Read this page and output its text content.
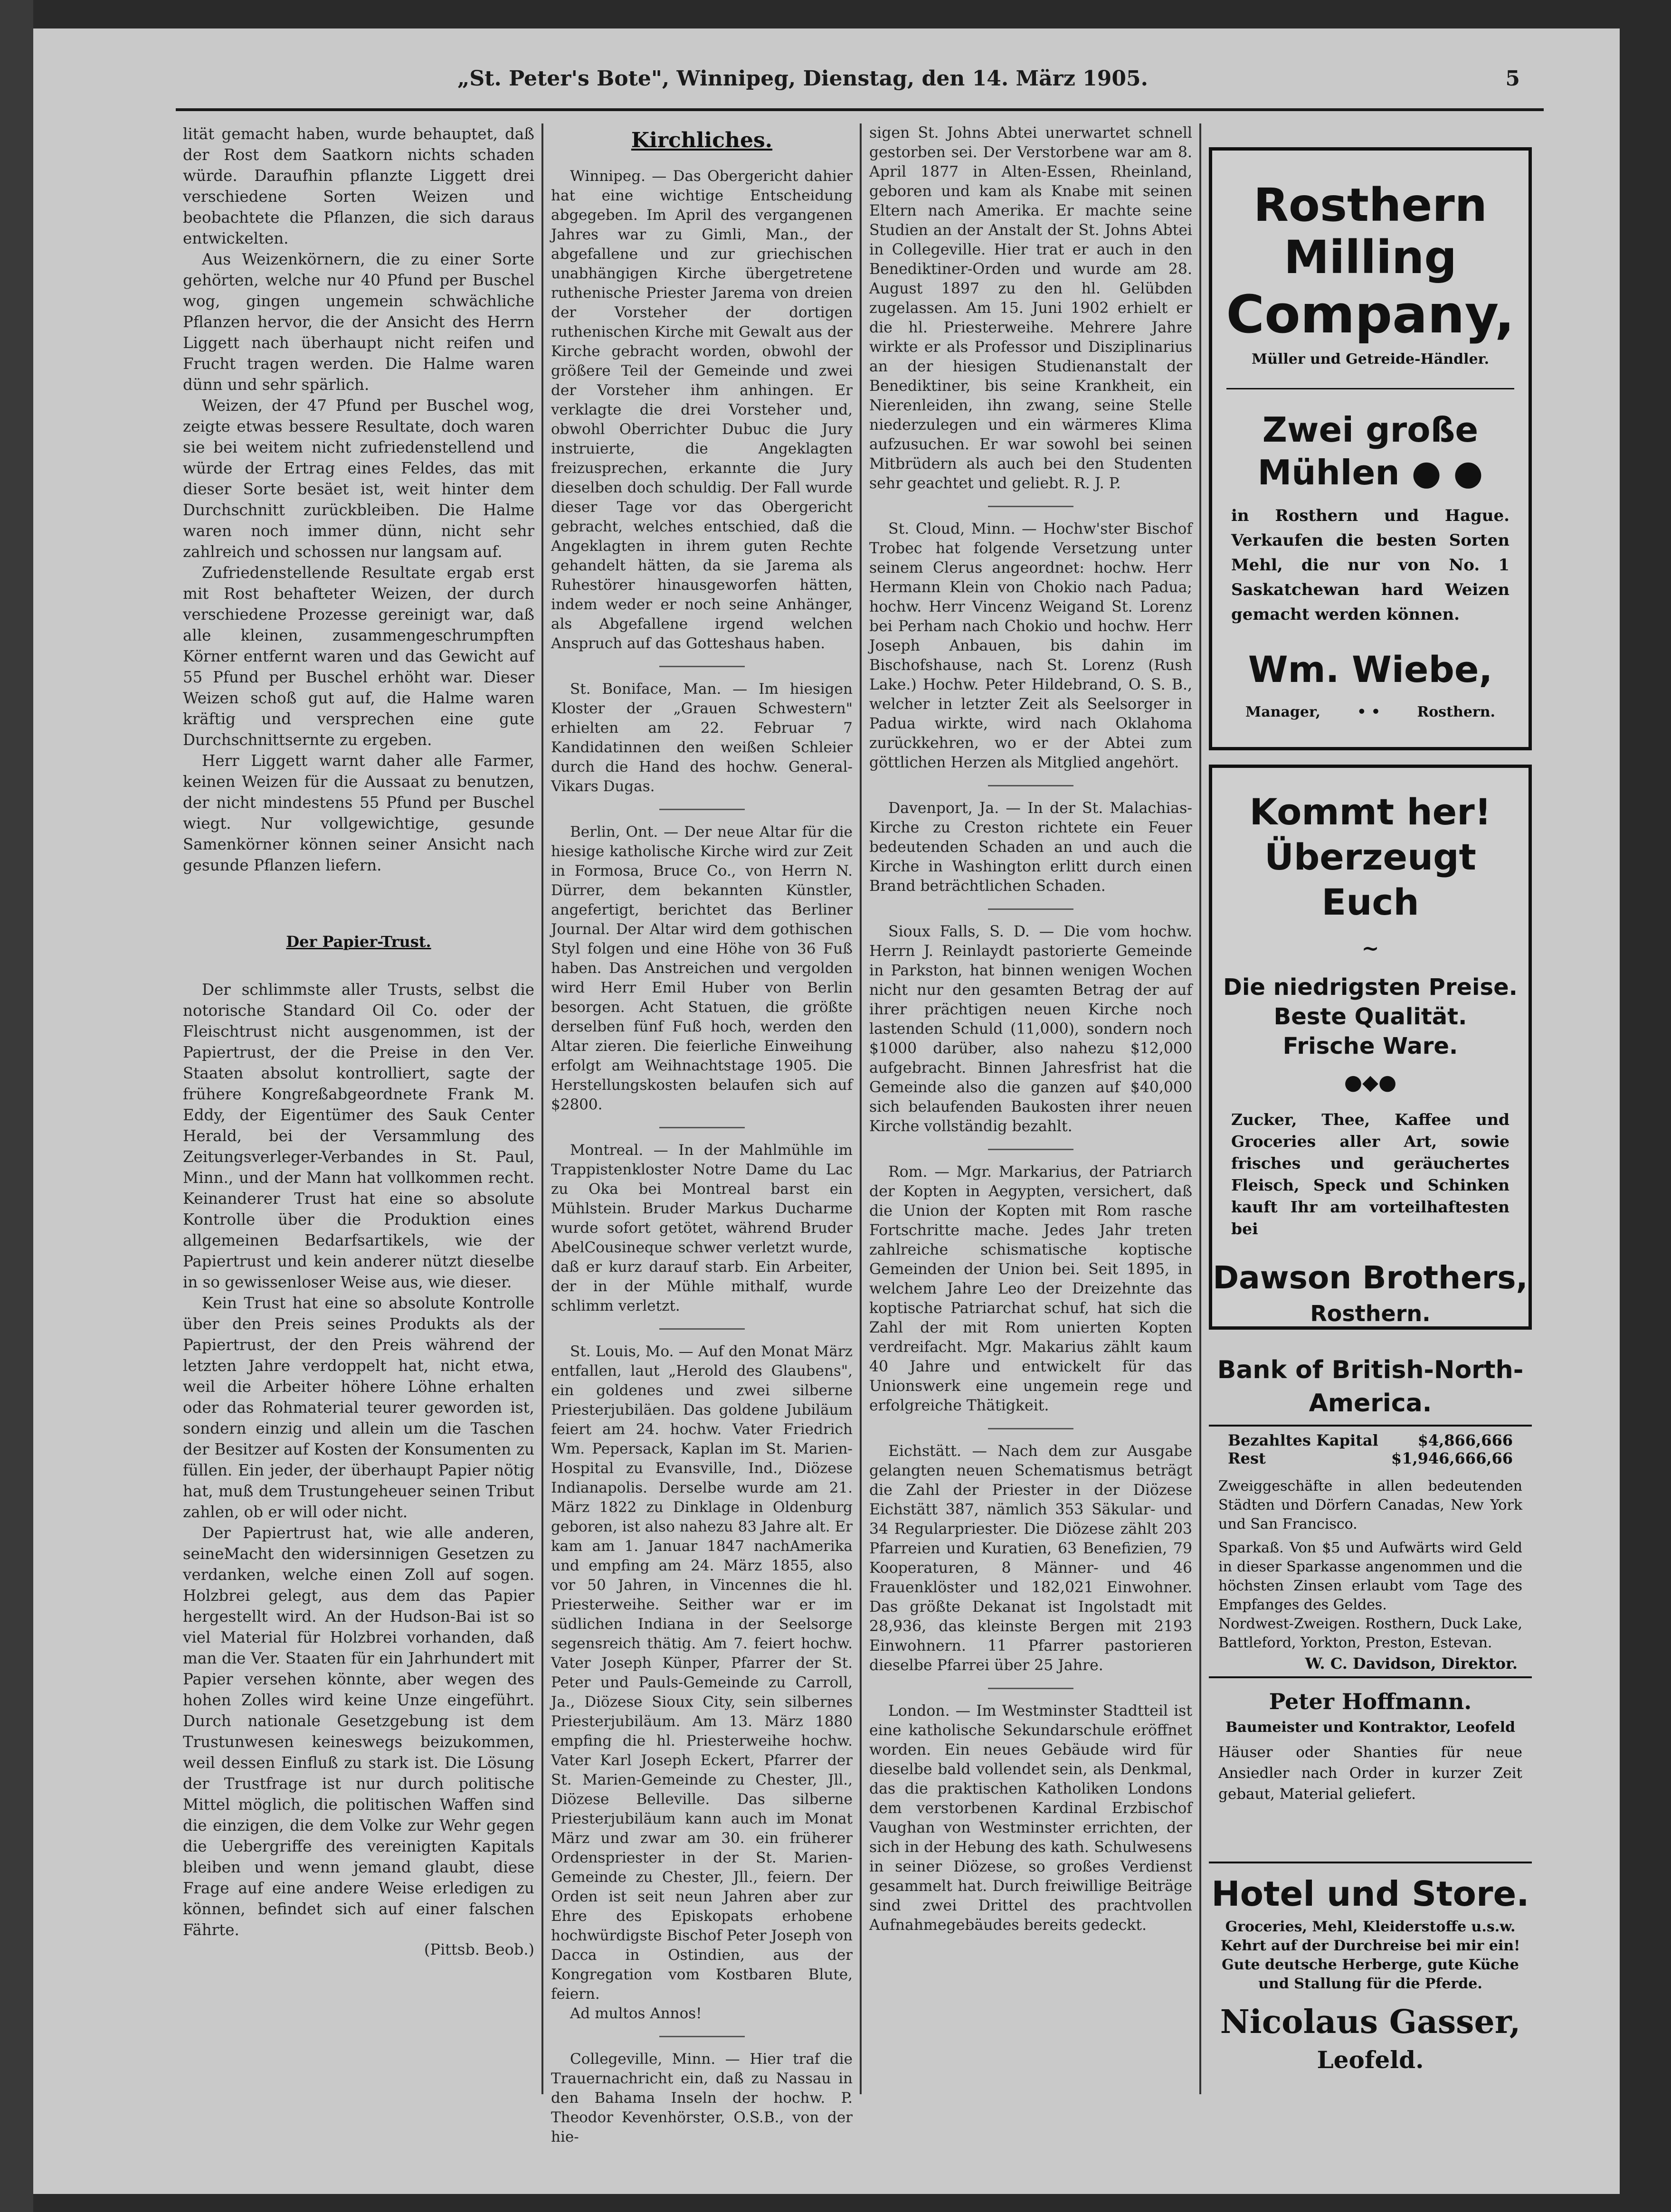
„St. Peter's Bote", Winnipeg, Dienstag, den 14. März 1905.	5

lität gemacht haben, wurde behauptet, daß der Rost dem Saatkorn nichts schaden würde. Daraufhin pflanzte Liggett drei verschiedene Sorten Weizen und beobachtete die Pflanzen, die sich daraus entwickelten.

Aus Weizenkörnern, die zu einer Sorte gehörten, welche nur 40 Pfund per Buschel wog, gingen ungemein schwächliche Pflanzen hervor, die der Ansicht des Herrn Liggett nach überhaupt nicht reifen und Frucht tragen werden. Die Halme waren dünn und sehr spärlich.

Weizen, der 47 Pfund per Buschel wog, zeigte etwas bessere Resultate, doch waren sie bei weitem nicht zufriedenstellend und würde der Ertrag eines Feldes, das mit dieser Sorte besäet ist, weit hinter dem Durchschnitt zurückbleiben. Die Halme waren noch immer dünn, nicht sehr zahlreich und schossen nur langsam auf.

Zufriedenstellende Resultate ergab erst mit Rost behafteter Weizen, der durch verschiedene Prozesse gereinigt war, daß alle kleinen, zusammengeschrumpften Körner entfernt waren und das Gewicht auf 55 Pfund per Buschel erhöht war. Dieser Weizen schoß gut auf, die Halme waren kräftig und versprechen eine gute Durchschnittsernte zu ergeben.

Herr Liggett warnt daher alle Farmer, keinen Weizen für die Aussaat zu benutzen, der nicht mindestens 55 Pfund per Buschel wiegt. Nur vollgewichtige, gesunde Samenkörner können seiner Ansicht nach gesunde Pflanzen liefern.

Der Papier-Trust.

Der schlimmste aller Trusts, selbst die notorische Standard Oil Co. oder der Fleischtrust nicht ausgenommen, ist der Papiertrust, der die Preise in den Ver. Staaten absolut kontrolliert, sagte der frühere Kongreßabgeordnete Frank M. Eddy, der Eigentümer des Sauk Center Herald, bei der Versammlung des Zeitungsverleger-Verbandes in St. Paul, Minn., und der Mann hat vollkommen recht. Keinanderer Trust hat eine so absolute Kontrolle über die Produktion eines allgemeinen Bedarfsartikels, wie der Papiertrust und kein anderer nützt dieselbe in so gewissenloser Weise aus, wie dieser.

Kein Trust hat eine so absolute Kontrolle über den Preis seines Produkts als der Papiertrust, der den Preis während der letzten Jahre verdoppelt hat, nicht etwa, weil die Arbeiter höhere Löhne erhalten oder das Rohmaterial teurer geworden ist, sondern einzig und allein um die Taschen der Besitzer auf Kosten der Konsumenten zu füllen. Ein jeder, der überhaupt Papier nötig hat, muß dem Trustungeheuer seinen Tribut zahlen, ob er will oder nicht.

Der Papiertrust hat, wie alle anderen, seineMacht den widersinnigen Gesetzen zu verdanken, welche einen Zoll auf sogen. Holzbrei gelegt, aus dem das Papier hergestellt wird. An der Hudson-Bai ist so viel Material für Holzbrei vorhanden, daß man die Ver. Staaten für ein Jahrhundert mit Papier versehen könnte, aber wegen des hohen Zolles wird keine Unze eingeführt. Durch nationale Gesetzgebung ist dem Trustunwesen keineswegs beizukommen, weil dessen Einfluß zu stark ist. Die Lösung der Trustfrage ist nur durch politische Mittel möglich, die politischen Waffen sind die einzigen, die dem Volke zur Wehr gegen die Uebergriffe des vereinigten Kapitals bleiben und wenn jemand glaubt, diese Frage auf eine andere Weise erledigen zu können, befindet sich auf einer falschen Fährte.

(Pittsb. Beob.)
Kirchliches.

Winnipeg. — Das Obergericht dahier hat eine wichtige Entscheidung abgegeben. Im April des vergangenen Jahres war zu Gimli, Man., der abgefallene und zur griechischen unabhängigen Kirche übergetretene ruthenische Priester Jarema von dreien der Vorsteher der dortigen ruthenischen Kirche mit Gewalt aus der Kirche gebracht worden, obwohl der größere Teil der Gemeinde und zwei der Vorsteher ihm anhingen. Er verklagte die drei Vorsteher und, obwohl Oberrichter Dubuc die Jury instruierte, die Angeklagten freizusprechen, erkannte die Jury dieselben doch schuldig. Der Fall wurde dieser Tage vor das Obergericht gebracht, welches entschied, daß die Angeklagten in ihrem guten Rechte gehandelt hätten, da sie Jarema als Ruhestörer hinausgeworfen hätten, indem weder er noch seine Anhänger, als Abgefallene irgend welchen Anspruch auf das Gotteshaus haben.

St. Boniface, Man. — Im hiesigen Kloster der „Grauen Schwestern" erhielten am 22. Februar 7 Kandidatinnen den weißen Schleier durch die Hand des hochw. General-Vikars Dugas.

Berlin, Ont. — Der neue Altar für die hiesige katholische Kirche wird zur Zeit in Formosa, Bruce Co., von Herrn N. Dürrer, dem bekannten Künstler, angefertigt, berichtet das Berliner Journal. Der Altar wird dem gothischen Styl folgen und eine Höhe von 36 Fuß haben. Das Anstreichen und vergolden wird Herr Emil Huber von Berlin besorgen. Acht Statuen, die größte derselben fünf Fuß hoch, werden den Altar zieren. Die feierliche Einweihung erfolgt am Weihnachtstage 1905. Die Herstellungskosten belaufen sich auf $2800.

Montreal. — In der Mahlmühle im Trappistenkloster Notre Dame du Lac zu Oka bei Montreal barst ein Mühlstein. Bruder Markus Ducharme wurde sofort getötet, während Bruder AbelCousineque schwer verletzt wurde, daß er kurz darauf starb. Ein Arbeiter, der in der Mühle mithalf, wurde schlimm verletzt.

St. Louis, Mo. — Auf den Monat März entfallen, laut „Herold des Glaubens", ein goldenes und zwei silberne Priesterjubiläen. Das goldene Jubiläum feiert am 24. hochw. Vater Friedrich Wm. Pepersack, Kaplan im St. Marien-Hospital zu Evansville, Ind., Diözese Indianapolis. Derselbe wurde am 21. März 1822 zu Dinklage in Oldenburg geboren, ist also nahezu 83 Jahre alt. Er kam am 1. Januar 1847 nachAmerika und empfing am 24. März 1855, also vor 50 Jahren, in Vincennes die hl. Priesterweihe. Seither war er im südlichen Indiana in der Seelsorge segensreich thätig. Am 7. feiert hochw. Vater Joseph Künper, Pfarrer der St. Peter und Pauls-Gemeinde zu Carroll, Ja., Diözese Sioux City, sein silbernes Priesterjubiläum. Am 13. März 1880 empfing die hl. Priesterweihe hochw. Vater Karl Joseph Eckert, Pfarrer der St. Marien-Gemeinde zu Chester, Jll., Diözese Belleville. Das silberne Priesterjubiläum kann auch im Monat März und zwar am 30. ein früherer Ordenspriester in der St. Marien-Gemeinde zu Chester, Jll., feiern. Der Orden ist seit neun Jahren aber zur Ehre des Episkopats erhobene hochwürdigste Bischof Peter Joseph von Dacca in Ostindien, aus der Kongregation vom Kostbaren Blute, feiern.

Ad multos Annos!

Collegeville, Minn. — Hier traf die Trauernachricht ein, daß zu Nassau in den Bahama Inseln der hochw. P. Theodor Kevenhörster, O.S.B., von der hie-

sigen St. Johns Abtei unerwartet schnell gestorben sei. Der Verstorbene war am 8. April 1877 in Alten-Essen, Rheinland, geboren und kam als Knabe mit seinen Eltern nach Amerika. Er machte seine Studien an der Anstalt der St. Johns Abtei in Collegeville. Hier trat er auch in den Benediktiner-Orden und wurde am 28. August 1897 zu den hl. Gelübden zugelassen. Am 15. Juni 1902 erhielt er die hl. Priesterweihe. Mehrere Jahre wirkte er als Professor und Disziplinarius an der hiesigen Studienanstalt der Benediktiner, bis seine Krankheit, ein Nierenleiden, ihn zwang, seine Stelle niederzulegen und ein wärmeres Klima aufzusuchen. Er war sowohl bei seinen Mitbrüdern als auch bei den Studenten sehr geachtet und geliebt. R. J. P.

St. Cloud, Minn. — Hochw'ster Bischof Trobec hat folgende Versetzung unter seinem Clerus angeordnet: hochw. Herr Hermann Klein von Chokio nach Padua; hochw. Herr Vincenz Weigand St. Lorenz bei Perham nach Chokio und hochw. Herr Joseph Anbauen, bis dahin im Bischofshause, nach St. Lorenz (Rush Lake.) Hochw. Peter Hildebrand, O. S. B., welcher in letzter Zeit als Seelsorger in Padua wirkte, wird nach Oklahoma zurückkehren, wo er der Abtei zum göttlichen Herzen als Mitglied angehört.

Davenport, Ja. — In der St. Malachias-Kirche zu Creston richtete ein Feuer bedeutenden Schaden an und auch die Kirche in Washington erlitt durch einen Brand beträchtlichen Schaden.

Sioux Falls, S. D. — Die vom hochw. Herrn J. Reinlaydt pastorierte Gemeinde in Parkston, hat binnen wenigen Wochen nicht nur den gesamten Betrag der auf ihrer prächtigen neuen Kirche noch lastenden Schuld (11,000), sondern noch $1000 darüber, also nahezu $12,000 aufgebracht. Binnen Jahresfrist hat die Gemeinde also die ganzen auf $40,000 sich belaufenden Baukosten ihrer neuen Kirche vollständig bezahlt.

Rom. — Mgr. Markarius, der Patriarch der Kopten in Aegypten, versichert, daß die Union der Kopten mit Rom rasche Fortschritte mache. Jedes Jahr treten zahlreiche schismatische koptische Gemeinden der Union bei. Seit 1895, in welchem Jahre Leo der Dreizehnte das koptische Patriarchat schuf, hat sich die Zahl der mit Rom unierten Kopten verdreifacht. Mgr. Makarius zählt kaum 40 Jahre und entwickelt für das Unionswerk eine ungemein rege und erfolgreiche Thätigkeit.

Eichstätt. — Nach dem zur Ausgabe gelangten neuen Schematismus beträgt die Zahl der Priester in der Diözese Eichstätt 387, nämlich 353 Säkular- und 34 Regularpriester. Die Diözese zählt 203 Pfarreien und Kuratien, 63 Benefizien, 79 Kooperaturen, 8 Männer- und 46 Frauenklöster und 182,021 Einwohner. Das größte Dekanat ist Ingolstadt mit 28,936, das kleinste Bergen mit 2193 Einwohnern. 11 Pfarrer pastorieren dieselbe Pfarrei über 25 Jahre.

London. — Im Westminster Stadtteil ist eine katholische Sekundarschule eröffnet worden. Ein neues Gebäude wird für dieselbe bald vollendet sein, als Denkmal, das die praktischen Katholiken Londons dem verstorbenen Kardinal Erzbischof Vaughan von Westminster errichten, der sich in der Hebung des kath. Schulwesens in seiner Diözese, so großes Verdienst gesammelt hat. Durch freiwillige Beiträge sind zwei Drittel des prachtvollen Aufnahmegebäudes bereits gedeckt.

Rosthern Milling
Company,
Müller und Getreide-Händler.
Zwei große
Mühlen ● ●
in Rosthern und Hague. Verkaufen die besten Sorten Mehl, die nur von No. 1 Saskatchewan hard Weizen gemacht werden können.
Wm. Wiebe,
Manager,	• •	Rosthern.
Kommt her!
Überzeugt Euch
~
Die niedrigsten Preise.
Beste Qualität.
Frische Ware.
●◆●
Zucker, Thee, Kaffee und Groceries aller Art, sowie frisches und geräuchertes Fleisch, Speck und Schinken kauft Ihr am vorteilhaftesten bei
Dawson Brothers,
Rosthern.
Bank of British-North-America.
Bezahltes Kapital	$4,866,666
Rest	$1,946,666,66
Zweiggeschäfte in allen bedeutenden Städten und Dörfern Canadas, New York und San Francisco.
Sparkaß. Von $5 und Aufwärts wird Geld in dieser Sparkasse angenommen und die höchsten Zinsen erlaubt vom Tage des Empfanges des Geldes.
Nordwest-Zweigen. Rosthern, Duck Lake, Battleford, Yorkton, Preston, Estevan.
W. C. Davidson, Direktor.
Peter Hoffmann.
Baumeister und Kontraktor, Leofeld
Häuser oder Shanties für neue Ansiedler nach Order in kurzer Zeit gebaut, Material geliefert.
Hotel und Store.
Groceries, Mehl, Kleiderstoffe u.s.w. Kehrt auf der Durchreise bei mir ein! Gute deutsche Herberge, gute Küche und Stallung für die Pferde.
Nicolaus Gasser,
Leofeld.
